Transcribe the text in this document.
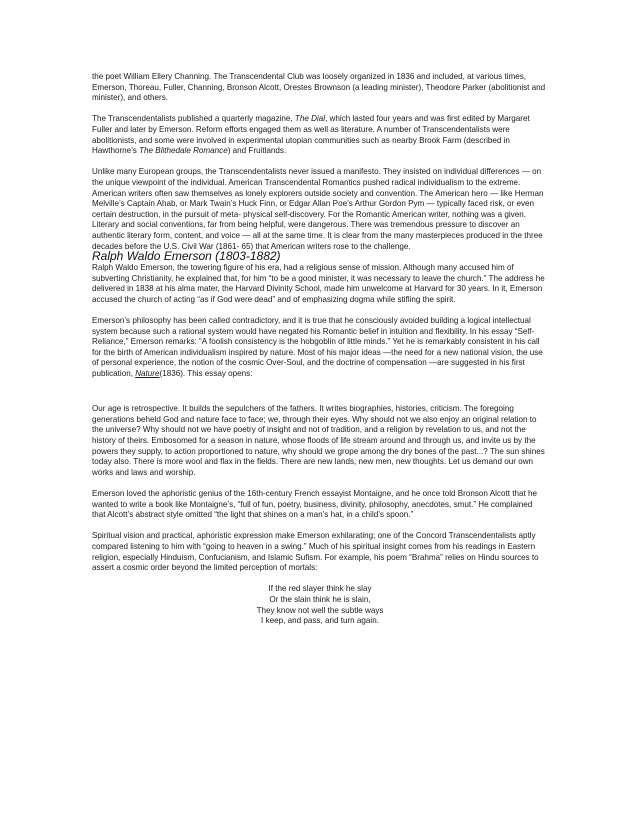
the poet William Ellery Channing. The Transcendental Club was loosely organized in 1836 and included, at various times, Emerson, Thoreau, Fuller, Channing, Bronson Alcott, Orestes Brownson (a leading minister), Theodore Parker (abolitionist and minister), and others.

The Transcendentalists published a quarterly magazine, The Dial, which lasted four years and was first edited by Margaret Fuller and later by Emerson. Reform efforts engaged them as well as literature. A number of Transcendentalists were abolitionists, and some were involved in experimental utopian communities such as nearby Brook Farm (described in Hawthorne’s The Blithedale Romance) and Fruitlands.

Unlike many European groups, the Transcendentalists never issued a manifesto. They insisted on individual differences — on the unique viewpoint of the individual. American Transcendental Romantics pushed radical individualism to the extreme. American writers often saw themselves as lonely explorers outside society and convention. The American hero — like Herman Melville’s Captain Ahab, or Mark Twain’s Huck Finn, or Edgar Allan Poe’s Arthur Gordon Pym — typically faced risk, or even certain destruction, in the pursuit of meta- physical self-discovery. For the Romantic American writer, nothing was a given. Literary and social conventions, far from being helpful, were dangerous. There was tremendous pressure to discover an authentic literary form, content, and voice — all at the same time. It is clear from the many masterpieces produced in the three decades before the U.S. Civil War (1861- 65) that American writers rose to the challenge.

Ralph Waldo Emerson (1803-1882)

Ralph Waldo Emerson, the towering figure of his era, had a religious sense of mission. Although many accused him of subverting Christianity, he explained that, for him “to be a good minister, it was necessary to leave the church.” The address he delivered in 1838 at his alma mater, the Harvard Divinity School, made him unwelcome at Harvard for 30 years. In it, Emerson accused the church of acting “as if God were dead” and of emphasizing dogma while stifling the spirit.

Emerson’s philosophy has been called contradictory, and it is true that he consciously avoided building a logical intellectual system because such a rational system would have negated his Romantic belief in intuition and flexibility. In his essay “Self-Reliance,” Emerson remarks: “A foolish consistency is the hobgoblin of little minds.” Yet he is remarkably consistent in his call for the birth of American individualism inspired by nature. Most of his major ideas —the need for a new national vision, the use of personal experience, the notion of the cosmic Over-Soul, and the doctrine of compensation —are suggested in his first publication, Nature(1836). This essay opens:

Our age is retrospective. It builds the sepulchers of the fathers. It writes biographies, histories, criticism. The foregoing generations beheld God and nature face to face; we, through their eyes. Why should not we also enjoy an original relation to the universe? Why should not we have poetry of insight and not of tradition, and a religion by revelation to us, and not the history of theirs. Embosomed for a season in nature, whose floods of life stream around and through us, and invite us by the powers they supply, to action proportioned to nature, why should we grope among the dry bones of the past...? The sun shines today also. There is more wool and flax in the fields. There are new lands, new men, new thoughts. Let us demand our own works and laws and worship.

Emerson loved the aphoristic genius of the 16th-century French essayist Montaigne, and he once told Bronson Alcott that he wanted to write a book like Montaigne’s, “full of fun, poetry, business, divinity, philosophy, anecdotes, smut.” He complained that Alcott’s abstract style omitted “the light that shines on a man’s hat, in a child’s spoon.”

Spiritual vision and practical, aphoristic expression make Emerson exhilarating; one of the Concord Transcendentalists aptly compared listening to him with “going to heaven in a swing.” Much of his spiritual insight comes from his readings in Eastern religion, especially Hinduism, Confucianism, and Islamic Sufism. For example, his poem “Brahma” relies on Hindu sources to assert a cosmic order beyond the limited perception of mortals:

If the red slayer think he slay
Or the slain think he is slain,
They know not well the subtle ways
I keep, and pass, and turn again.
